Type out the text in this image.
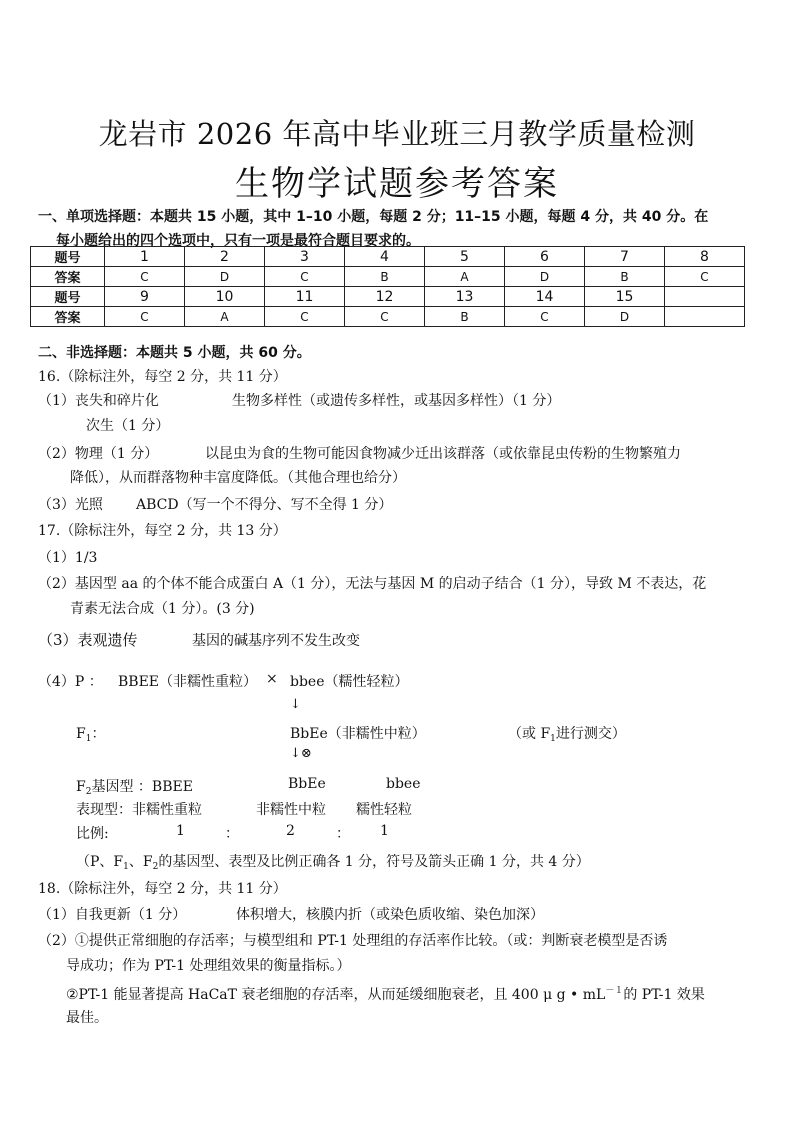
龙岩市 2026 年高中毕业班三月教学质量检测
生物学试题参考答案
一、单项选择题：本题共 15 小题，其中 1–10 小题，每题 2 分；11–15 小题，每题 4 分，共 40 分。在
每小题给出的四个选项中，只有一项是最符合题目要求的。
题号	1	2	3	4	5	6	7	8
答案	C	D	C	B	A	D	B	C
题号	9	10	11	12	13	14	15	
答案	C	A	C	C	B	C	D	
二、非选择题：本题共 5 小题，共 60 分。
16.（除标注外，每空 2 分，共 11 分）
（1）丧失和碎片化	生物多样性（或遗传多样性，或基因多样性）（1 分）
次生（1 分）
（2）物理（1 分）	以昆虫为食的生物可能因食物减少迁出该群落（或依靠昆虫传粉的生物繁殖力
降低），从而群落物种丰富度降低。（其他合理也给分）
（3）光照 ABCD（写一个不得分、写不全得 1 分）
17.（除标注外，每空 2 分，共 13 分）
（1）1/3
（2）基因型 aa 的个体不能合成蛋白 A（1 分），无法与基因 M 的启动子结合（1 分），导致 M 不表达，花
青素无法合成（1 分）。(3 分)
（3）表观遗传	基因的碱基序列不发生改变
（4）P ： BBEE（非糯性重粒） × bbee（糯性轻粒）
↓
$F_1$：	BbEe（非糯性中粒）	（或 $F_1$进行测交）
↓⊗
$F_2$基因型 ：BBEE	BbEe	bbee
表现型：非糯性重粒	非糯性中粒 糯性轻粒
比例:	1	：	2	： 1
（P、$F_1$、$F_2$的基因型、表型及比例正确各 1 分，符号及箭头正确 1 分，共 4 分）
18.（除标注外，每空 2 分，共 11 分）
（1）自我更新（1 分）	体积增大，核膜内折（或染色质收缩、染色加深）
（2）①提供正常细胞的存活率；与模型组和 PT-1 处理组的存活率作比较。（或：判断衰老模型是否诱
导成功；作为 PT-1 处理组效果的衡量指标。）
②PT-1 能显著提高 HaCaT 衰老细胞的存活率，从而延缓细胞衰老，且 400 μ g • $mL^{-1}$的 PT-1 效果
最佳。
